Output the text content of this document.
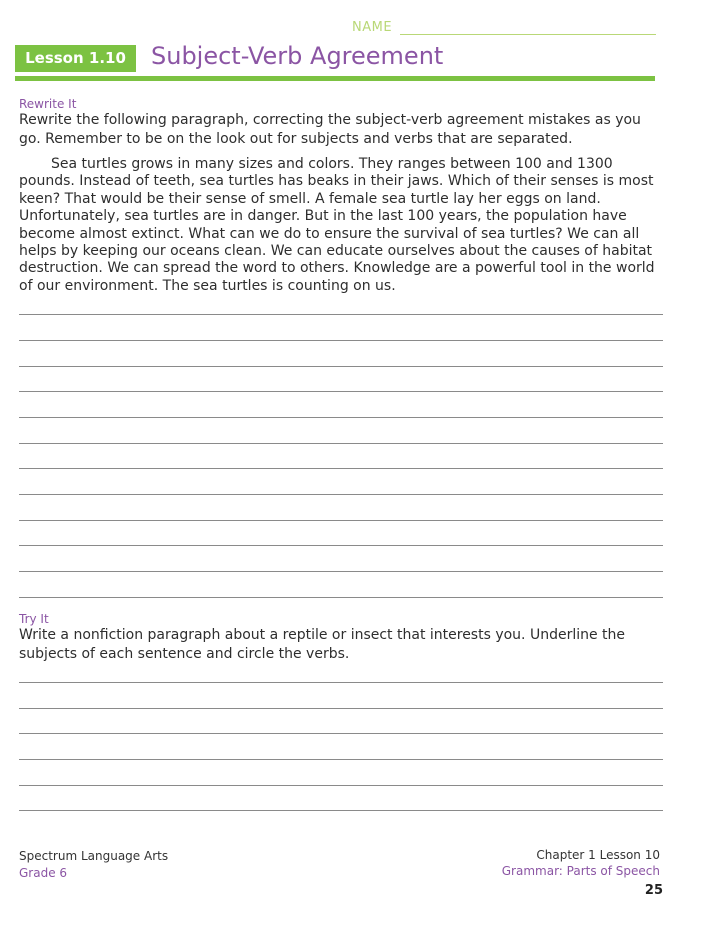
NAME
Lesson 1.10	Subject-Verb Agreement
Rewrite It
Rewrite the following paragraph, correcting the subject-verb agreement mistakes as you go. Remember to be on the look out for subjects and verbs that are separated.
Sea turtles grows in many sizes and colors. They ranges between 100 and 1300 pounds. Instead of teeth, sea turtles has beaks in their jaws. Which of their senses is most keen? That would be their sense of smell. A female sea turtle lay her eggs on land. Unfortunately, sea turtles are in danger. But in the last 100 years, the population have become almost extinct. What can we do to ensure the survival of sea turtles? We can all helps by keeping our oceans clean. We can educate ourselves about the causes of habitat destruction. We can spread the word to others. Knowledge are a powerful tool in the world of our environment. The sea turtles is counting on us.
Try It
Write a nonfiction paragraph about a reptile or insect that interests you. Underline the subjects of each sentence and circle the verbs.
Spectrum Language Arts
Grade 6
Chapter 1 Lesson 10
Grammar: Parts of Speech
25
